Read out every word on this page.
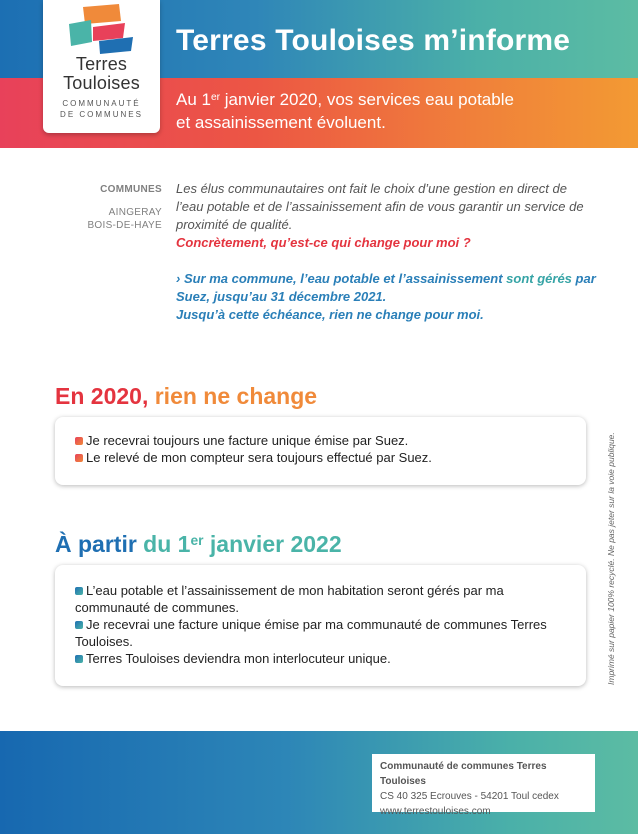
Terres
Touloises
COMMUNAUTÉ
DE COMMUNES
Terres Touloises m’informe
Au 1er janvier 2020, vos services eau potable
et assainissement évoluent.
COMMUNES
AINGERAY
BOIS-DE-HAYE
Les élus communautaires ont fait le choix d’une gestion en direct de l’eau potable et de l’assainissement afin de vous garantir un service de proximité de qualité.
Concrètement, qu’est-ce qui change pour moi ?
› Sur ma commune, l’eau potable et l’assainissement sont gérés par Suez, jusqu’au 31 décembre 2021.
Jusqu’à cette échéance, rien ne change pour moi.
En 2020, rien ne change
Je recevrai toujours une facture unique émise par Suez.
Le relevé de mon compteur sera toujours effectué par Suez.
À partir du 1er janvier 2022
L’eau potable et l’assainissement de mon habitation seront gérés par ma communauté de communes.
Je recevrai une facture unique émise par ma communauté de communes Terres Touloises.
Terres Touloises deviendra mon interlocuteur unique.	Imprimé sur papier 100% recyclé. Ne pas jeter sur la voie publique.
Communauté de communes Terres Touloises
CS 40 325 Ecrouves - 54201 Toul cedex
www.terrestouloises.com
